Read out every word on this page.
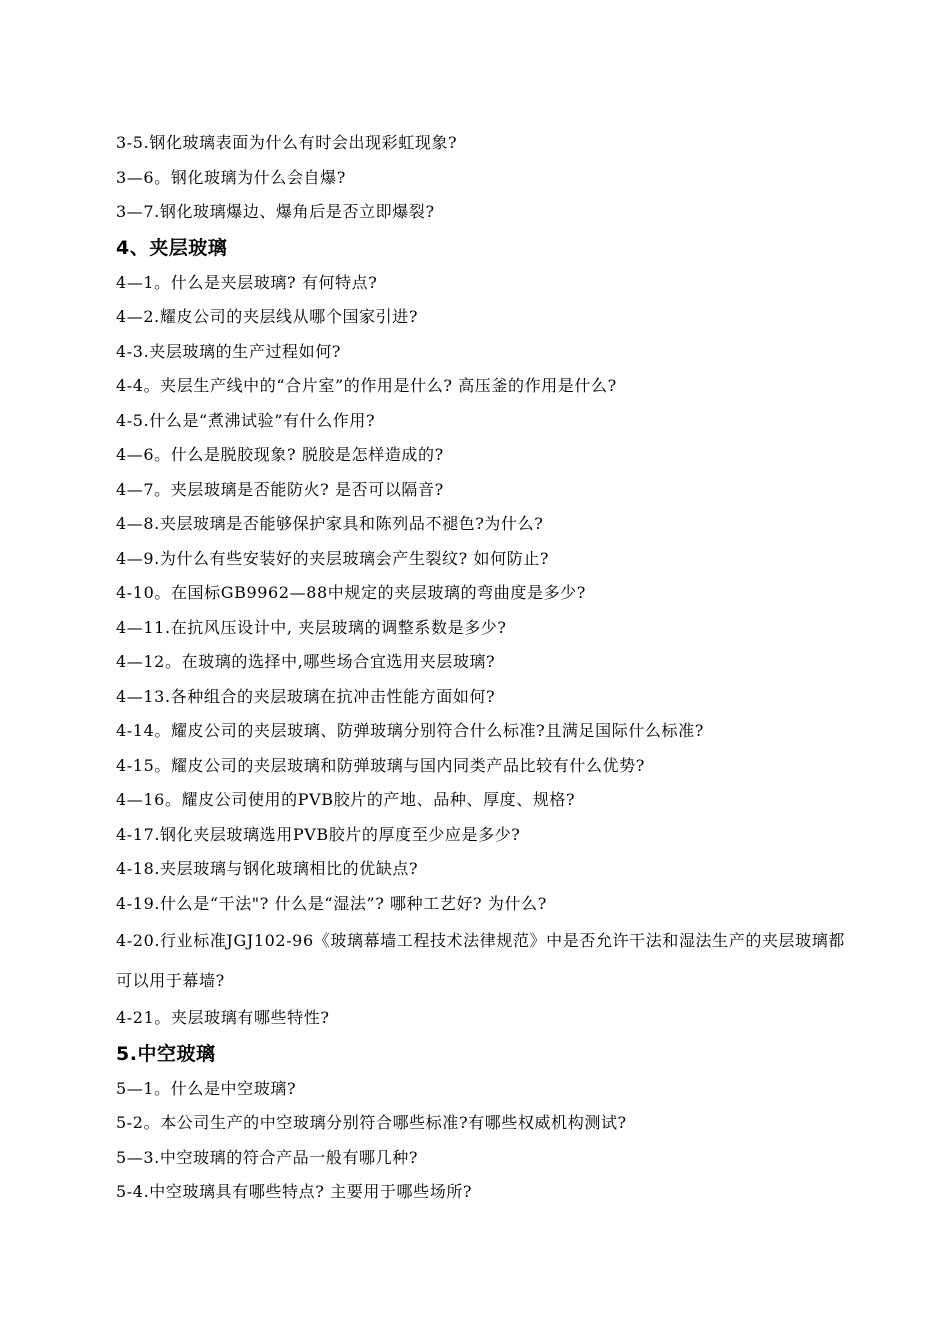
3-5.钢化玻璃表面为什么有时会出现彩虹现象?
3—6。钢化玻璃为什么会自爆?
3—7.钢化玻璃爆边、爆角后是否立即爆裂?
4、夹层玻璃
4—1。什么是夹层玻璃? 有何特点?
4—2.耀皮公司的夹层线从哪个国家引进?
4-3.夹层玻璃的生产过程如何?
4-4。夹层生产线中的“合片室”的作用是什么? 高压釜的作用是什么?
4-5.什么是“煮沸试验”有什么作用?
4—6。什么是脱胶现象? 脱胶是怎样造成的?
4—7。夹层玻璃是否能防火? 是否可以隔音?
4—8.夹层玻璃是否能够保护家具和陈列品不褪色?为什么?
4—9.为什么有些安装好的夹层玻璃会产生裂纹? 如何防止?
4-10。在国标GB9962—88中规定的夹层玻璃的弯曲度是多少?
4—11.在抗风压设计中, 夹层玻璃的调整系数是多少?
4—12。在玻璃的选择中,哪些场合宜选用夹层玻璃?
4—13.各种组合的夹层玻璃在抗冲击性能方面如何?
4-14。耀皮公司的夹层玻璃、防弹玻璃分别符合什么标准?且满足国际什么标准?
4-15。耀皮公司的夹层玻璃和防弹玻璃与国内同类产品比较有什么优势?
4—16。耀皮公司使用的PVB胶片的产地、品种、厚度、规格?
4-17.钢化夹层玻璃选用PVB胶片的厚度至少应是多少?
4-18.夹层玻璃与钢化玻璃相比的优缺点?
4-19.什么是“干法"? 什么是“湿法”? 哪种工艺好? 为什么?
4-20.行业标准JGJ102-96《玻璃幕墙工程技术法律规范》中是否允许干法和湿法生产的夹层玻璃都可以用于幕墙?
4-21。夹层玻璃有哪些特性?
5.中空玻璃
5—1。什么是中空玻璃?
5-2。本公司生产的中空玻璃分别符合哪些标准?有哪些权威机构测试?
5—3.中空玻璃的符合产品一般有哪几种?
5-4.中空玻璃具有哪些特点? 主要用于哪些场所?
